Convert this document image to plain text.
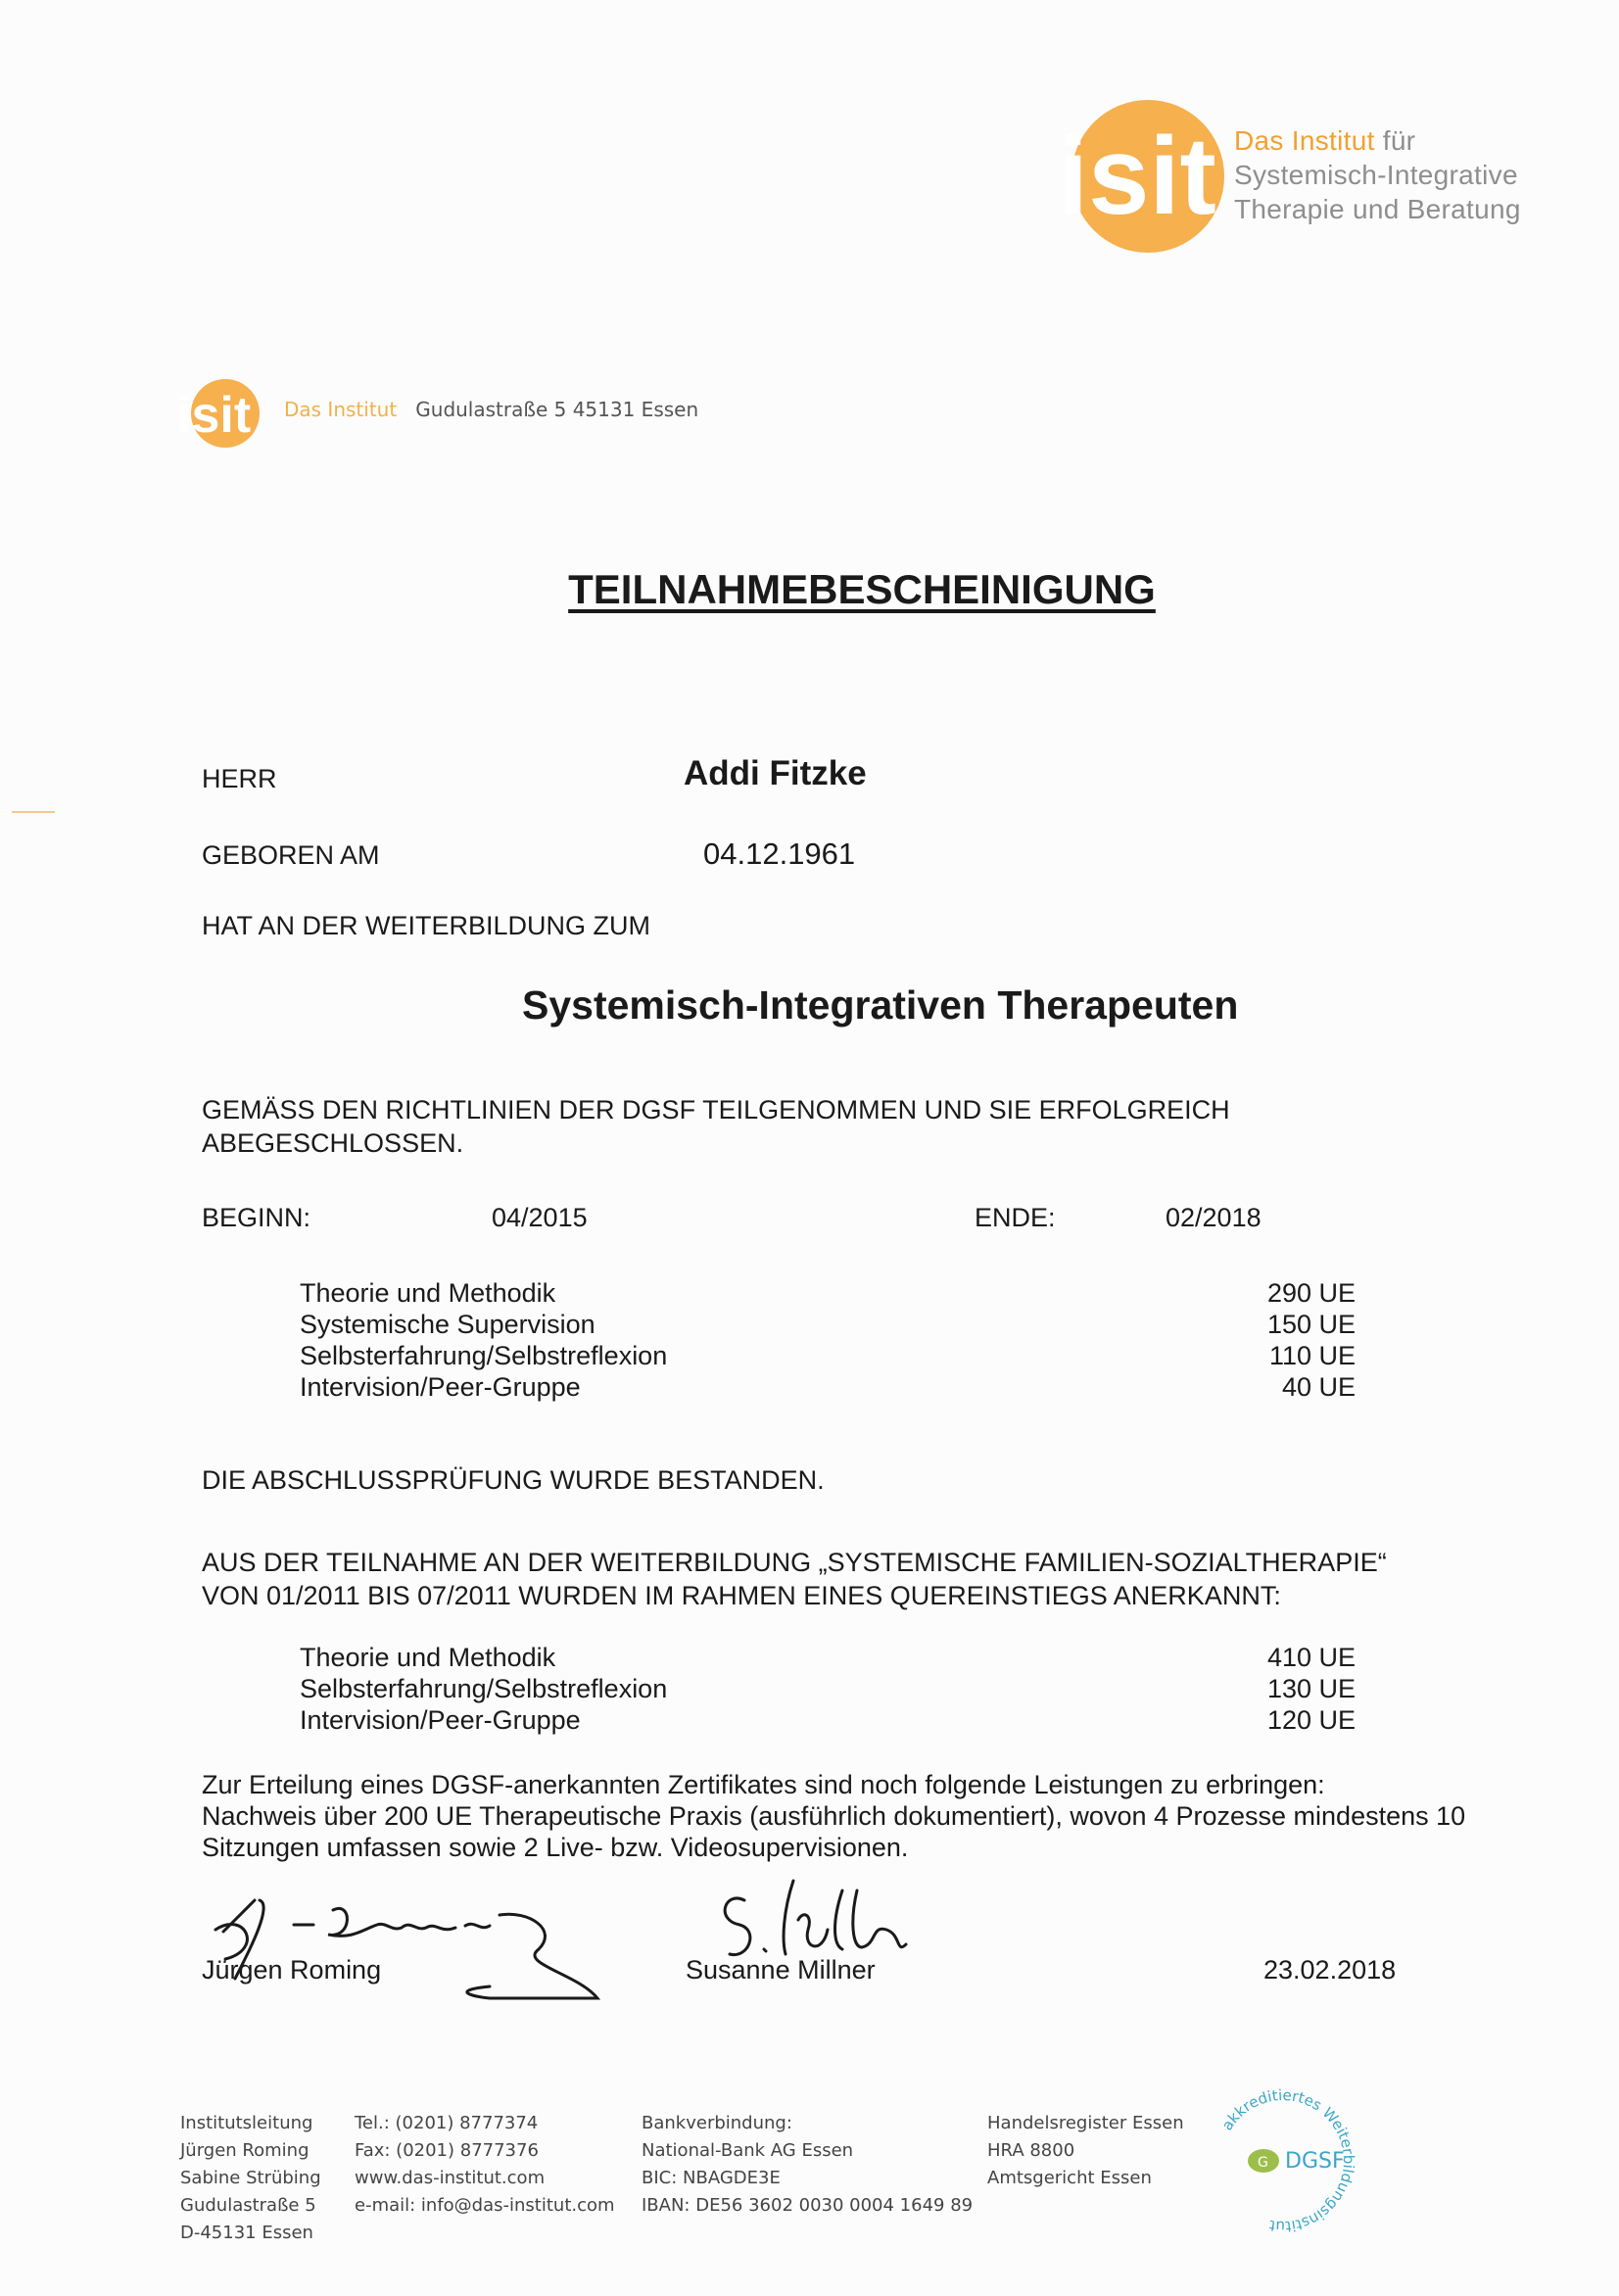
isit Das Institut für
Systemisch-Integrative
Therapie und Beratung
isit Das Institut Gudulastraße 5 45131 Essen
TEILNAHMEBESCHEINIGUNG
HERR	Addi Fitzke
GEBOREN AM	04.12.1961
HAT AN DER WEITERBILDUNG ZUM
Systemisch-Integrativen Therapeuten
GEMÄSS DEN RICHTLINIEN DER DGSF TEILGENOMMEN UND SIE ERFOLGREICH
ABEGESCHLOSSEN.
BEGINN:	04/2015	ENDE:	02/2018
Theorie und Methodik	290 UE
Systemische Supervision	150 UE
Selbsterfahrung/Selbstreflexion	110 UE
Intervision/Peer-Gruppe	40 UE
DIE ABSCHLUSSPRÜFUNG WURDE BESTANDEN.
AUS DER TEILNAHME AN DER WEITERBILDUNG „SYSTEMISCHE FAMILIEN-SOZIALTHERAPIE“
VON 01/2011 BIS 07/2011 WURDEN IM RAHMEN EINES QUEREINSTIEGS ANERKANNT:
Theorie und Methodik	410 UE
Selbsterfahrung/Selbstreflexion	130 UE
Intervision/Peer-Gruppe	120 UE
Zur Erteilung eines DGSF-anerkannten Zertifikates sind noch folgende Leistungen zu erbringen:
Nachweis über 200 UE Therapeutische Praxis (ausführlich dokumentiert), wovon 4 Prozesse mindestens 10
Sitzungen umfassen sowie 2 Live- bzw. Videosupervisionen.
Jürgen Roming	Susanne Millner	23.02.2018
Institutsleitung
Jürgen Roming
Sabine Strübing
Gudulastraße 5
D-45131 Essen
Tel.: (0201) 8777374
Fax: (0201) 8777376
www.das-institut.com
e-mail: info@das-institut.com
Bankverbindung:
National-Bank AG Essen
BIC: NBAGDE3E
IBAN: DE56 3602 0030 0004 1649 89
Handelsregister Essen
HRA 8800
Amtsgericht Essen
akkreditiertes Weiterbildungsinstitut
G DGSF
